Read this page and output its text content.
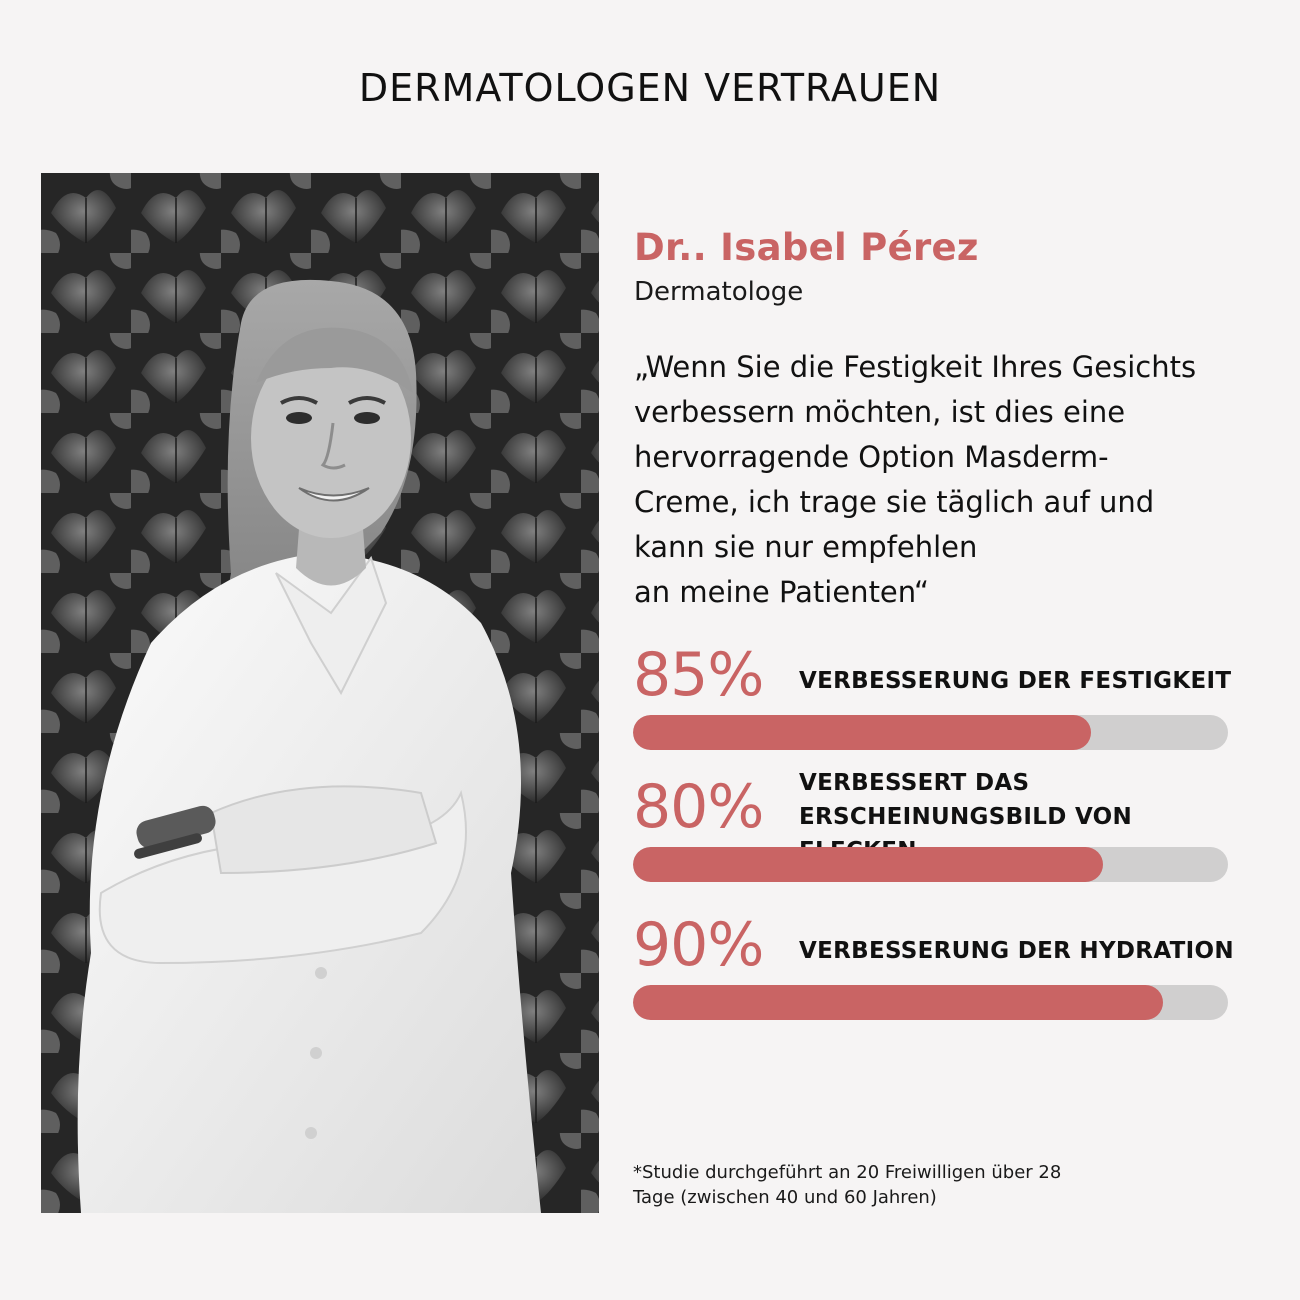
DERMATOLOGEN VERTRAUEN
Dr.. Isabel Pérez
Dermatologe
„Wenn Sie die Festigkeit Ihres Gesichts
verbessern möchten, ist dies eine
hervorragende Option Masderm-
Creme, ich trage sie täglich auf und
kann sie nur empfehlen
an meine Patienten“
85% VERBESSERUNG DER FESTIGKEIT
80% VERBESSERT DAS
ERSCHEINUNGSBILD VON
90% VERBESSERUNG DER HYDRATION
*Studie durchgeführt an 20 Freiwilligen über 28 Tage (zwischen 40 und 60 Jahren)
